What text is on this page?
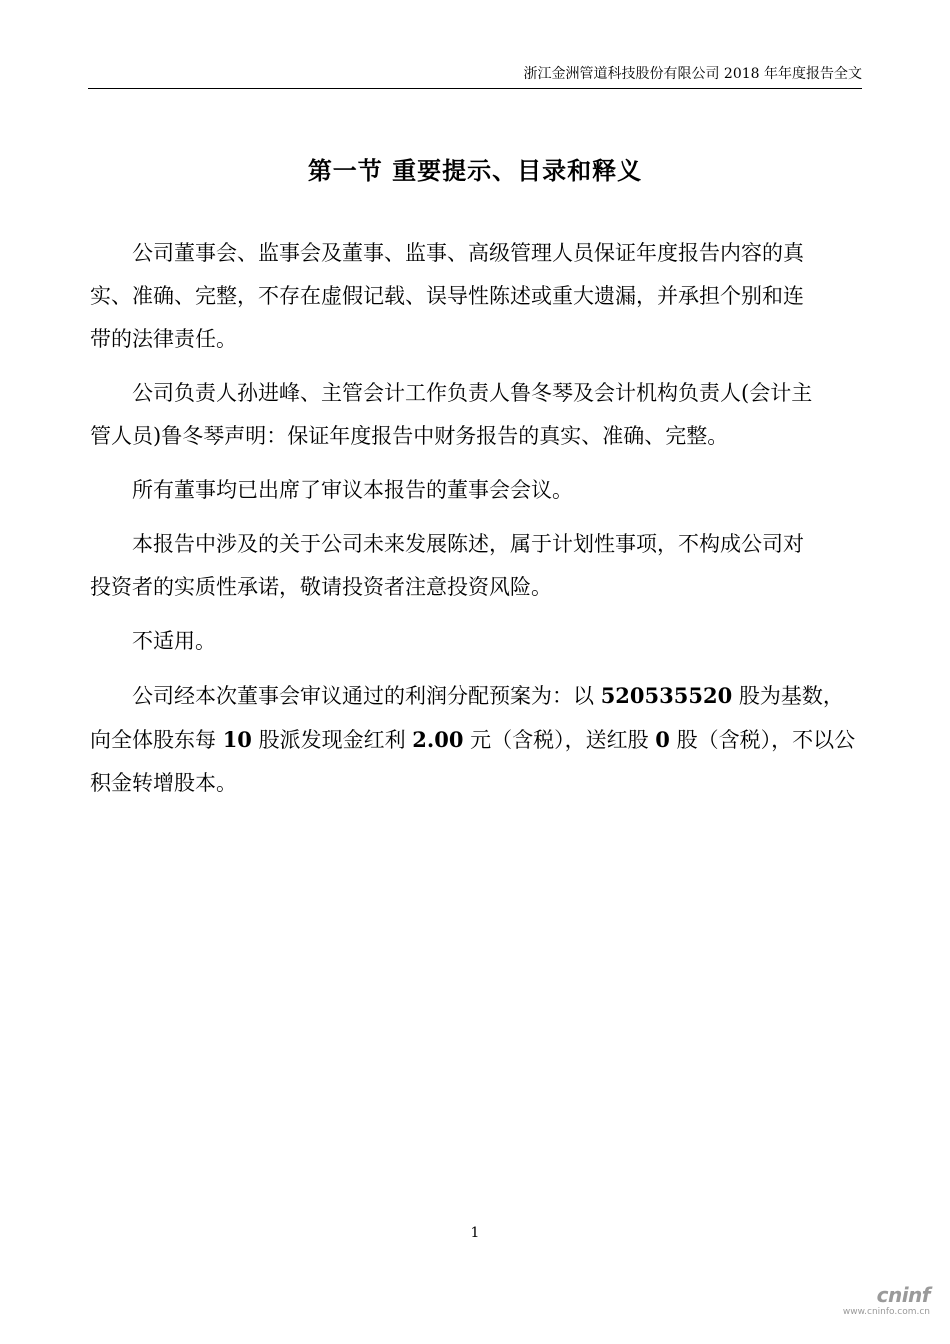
浙江金洲管道科技股份有限公司 2018 年年度报告全文
第一节 重要提示、目录和释义

公司董事会、监事会及董事、监事、高级管理人员保证年度报告内容的真
实、准确、完整，不存在虚假记载、误导性陈述或重大遗漏，并承担个别和连
带的法律责任。

公司负责人孙进峰、主管会计工作负责人鲁冬琴及会计机构负责人(会计主
管人员)鲁冬琴声明：保证年度报告中财务报告的真实、准确、完整。

所有董事均已出席了审议本报告的董事会会议。

本报告中涉及的关于公司未来发展陈述，属于计划性事项，不构成公司对
投资者的实质性承诺，敬请投资者注意投资风险。

不适用。

公司经本次董事会审议通过的利润分配预案为：以 520535520 股为基数，
向全体股东每 10 股派发现金红利 2.00 元（含税），送红股 0 股（含税），不以公
积金转增股本。

1
cninf
www.cninfo.com.cn
